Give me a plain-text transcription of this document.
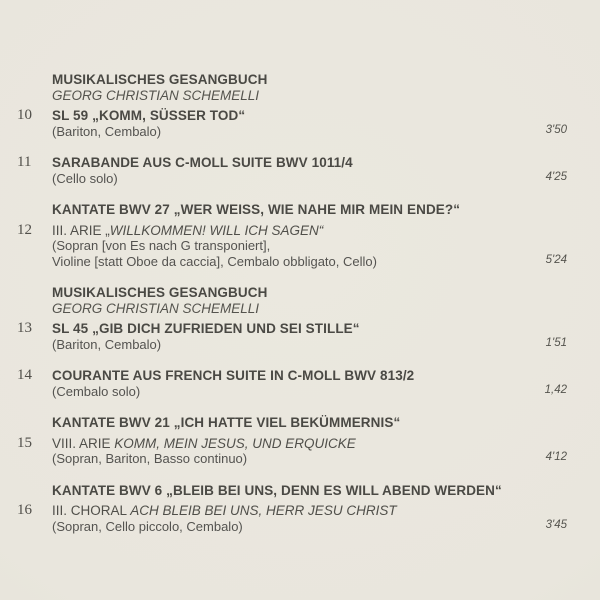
MUSIKALISCHES GESANGBUCH
GEORG CHRISTIAN SCHEMELLI
10 SL 59 „KOMM, SÜSSER TOD“
(Bariton, Cembalo)	3'50
11 SARABANDE AUS C-MOLL SUITE BWV 1011/4
(Cello solo)	4'25
KANTATE BWV 27 „WER WEISS, WIE NAHE MIR MEIN ENDE?“
12 III. ARIE „WILLKOMMEN! WILL ICH SAGEN“
(Sopran [von Es nach G transponiert],
Violine [statt Oboe da caccia], Cembalo obbligato, Cello)	5'24
MUSIKALISCHES GESANGBUCH
GEORG CHRISTIAN SCHEMELLI
13 SL 45 „GIB DICH ZUFRIEDEN UND SEI STILLE“
(Bariton, Cembalo)	1'51
14 COURANTE AUS FRENCH SUITE IN C-MOLL BWV 813/2
(Cembalo solo)	1,42
KANTATE BWV 21 „ICH HATTE VIEL BEKÜMMERNIS“
15 VIII. ARIE KOMM, MEIN JESUS, UND ERQUICKE
(Sopran, Bariton, Basso continuo)	4'12
KANTATE BWV 6 „BLEIB BEI UNS, DENN ES WILL ABEND WERDEN“
16 III. CHORAL ACH BLEIB BEI UNS, HERR JESU CHRIST
(Sopran, Cello piccolo, Cembalo)	3'45
